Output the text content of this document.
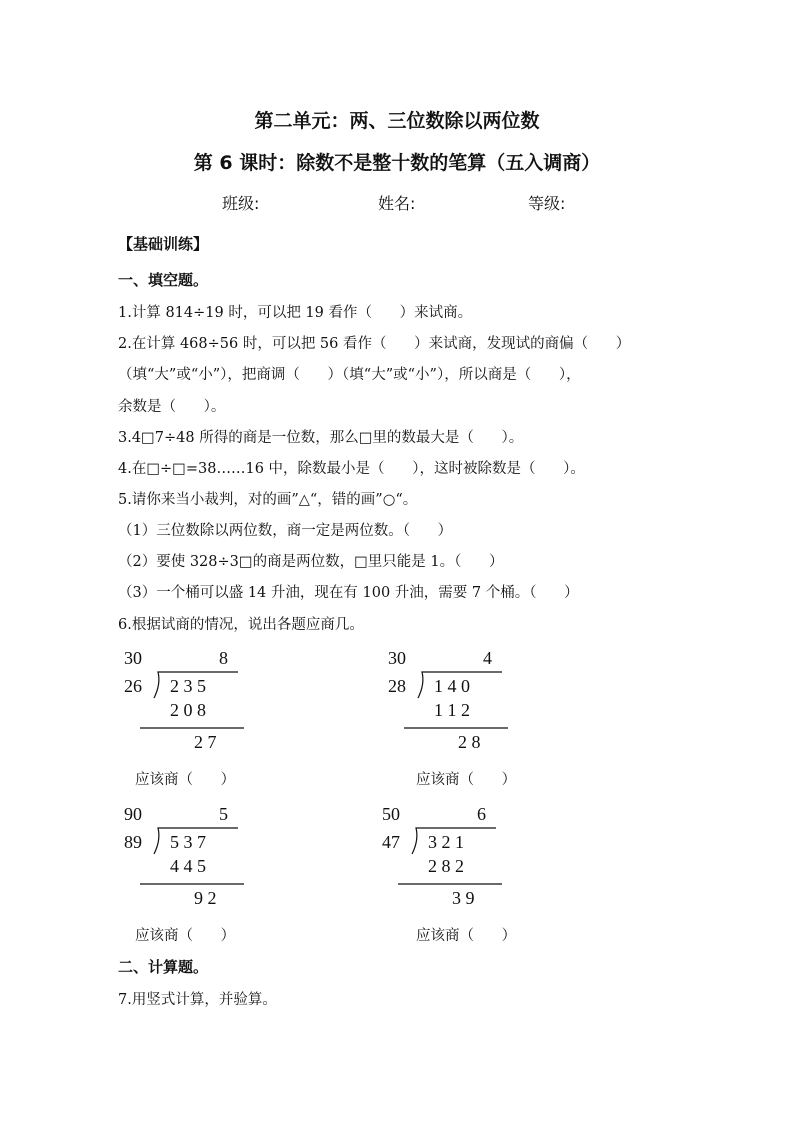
第二单元：两、三位数除以两位数
第 6 课时：除数不是整十数的笔算（五入调商）
班级:	姓名:	等级:
【基础训练】
一、填空题。
1.计算 814÷19 时，可以把 19 看作（      ）来试商。
2.在计算 468÷56 时，可以把 56 看作（      ）来试商，发现试的商偏（      ）
（填“大”或“小”），把商调（      ）（填“大”或“小”），所以商是（      ），
余数是（      ）。
3.4□7÷48 所得的商是一位数，那么□里的数最大是（      ）。
4.在□÷□=38……16 中，除数最小是（      ），这时被除数是（      ）。
5.请你来当小裁判，对的画”△“，错的画”○“。
（1）三位数除以两位数，商一定是两位数。（      ）
（2）要使 328÷3□的商是两位数，□里只能是 1。（      ）
（3）一个桶可以盛 14 升油，现在有 100 升油，需要 7 个桶。（      ）
6.根据试商的情况，说出各题应商几。
30	8
26 2 3 5
2 0 8
2 7
应该商（      ）
30	4
28 1 4 0
1 1 2
2 8
应该商（      ）
90	5
89 5 3 7
4 4 5
9 2
应该商（      ）
50	6
47 3 2 1
2 8 2
3 9
应该商（      ）
二、计算题。
7.用竖式计算，并验算。
